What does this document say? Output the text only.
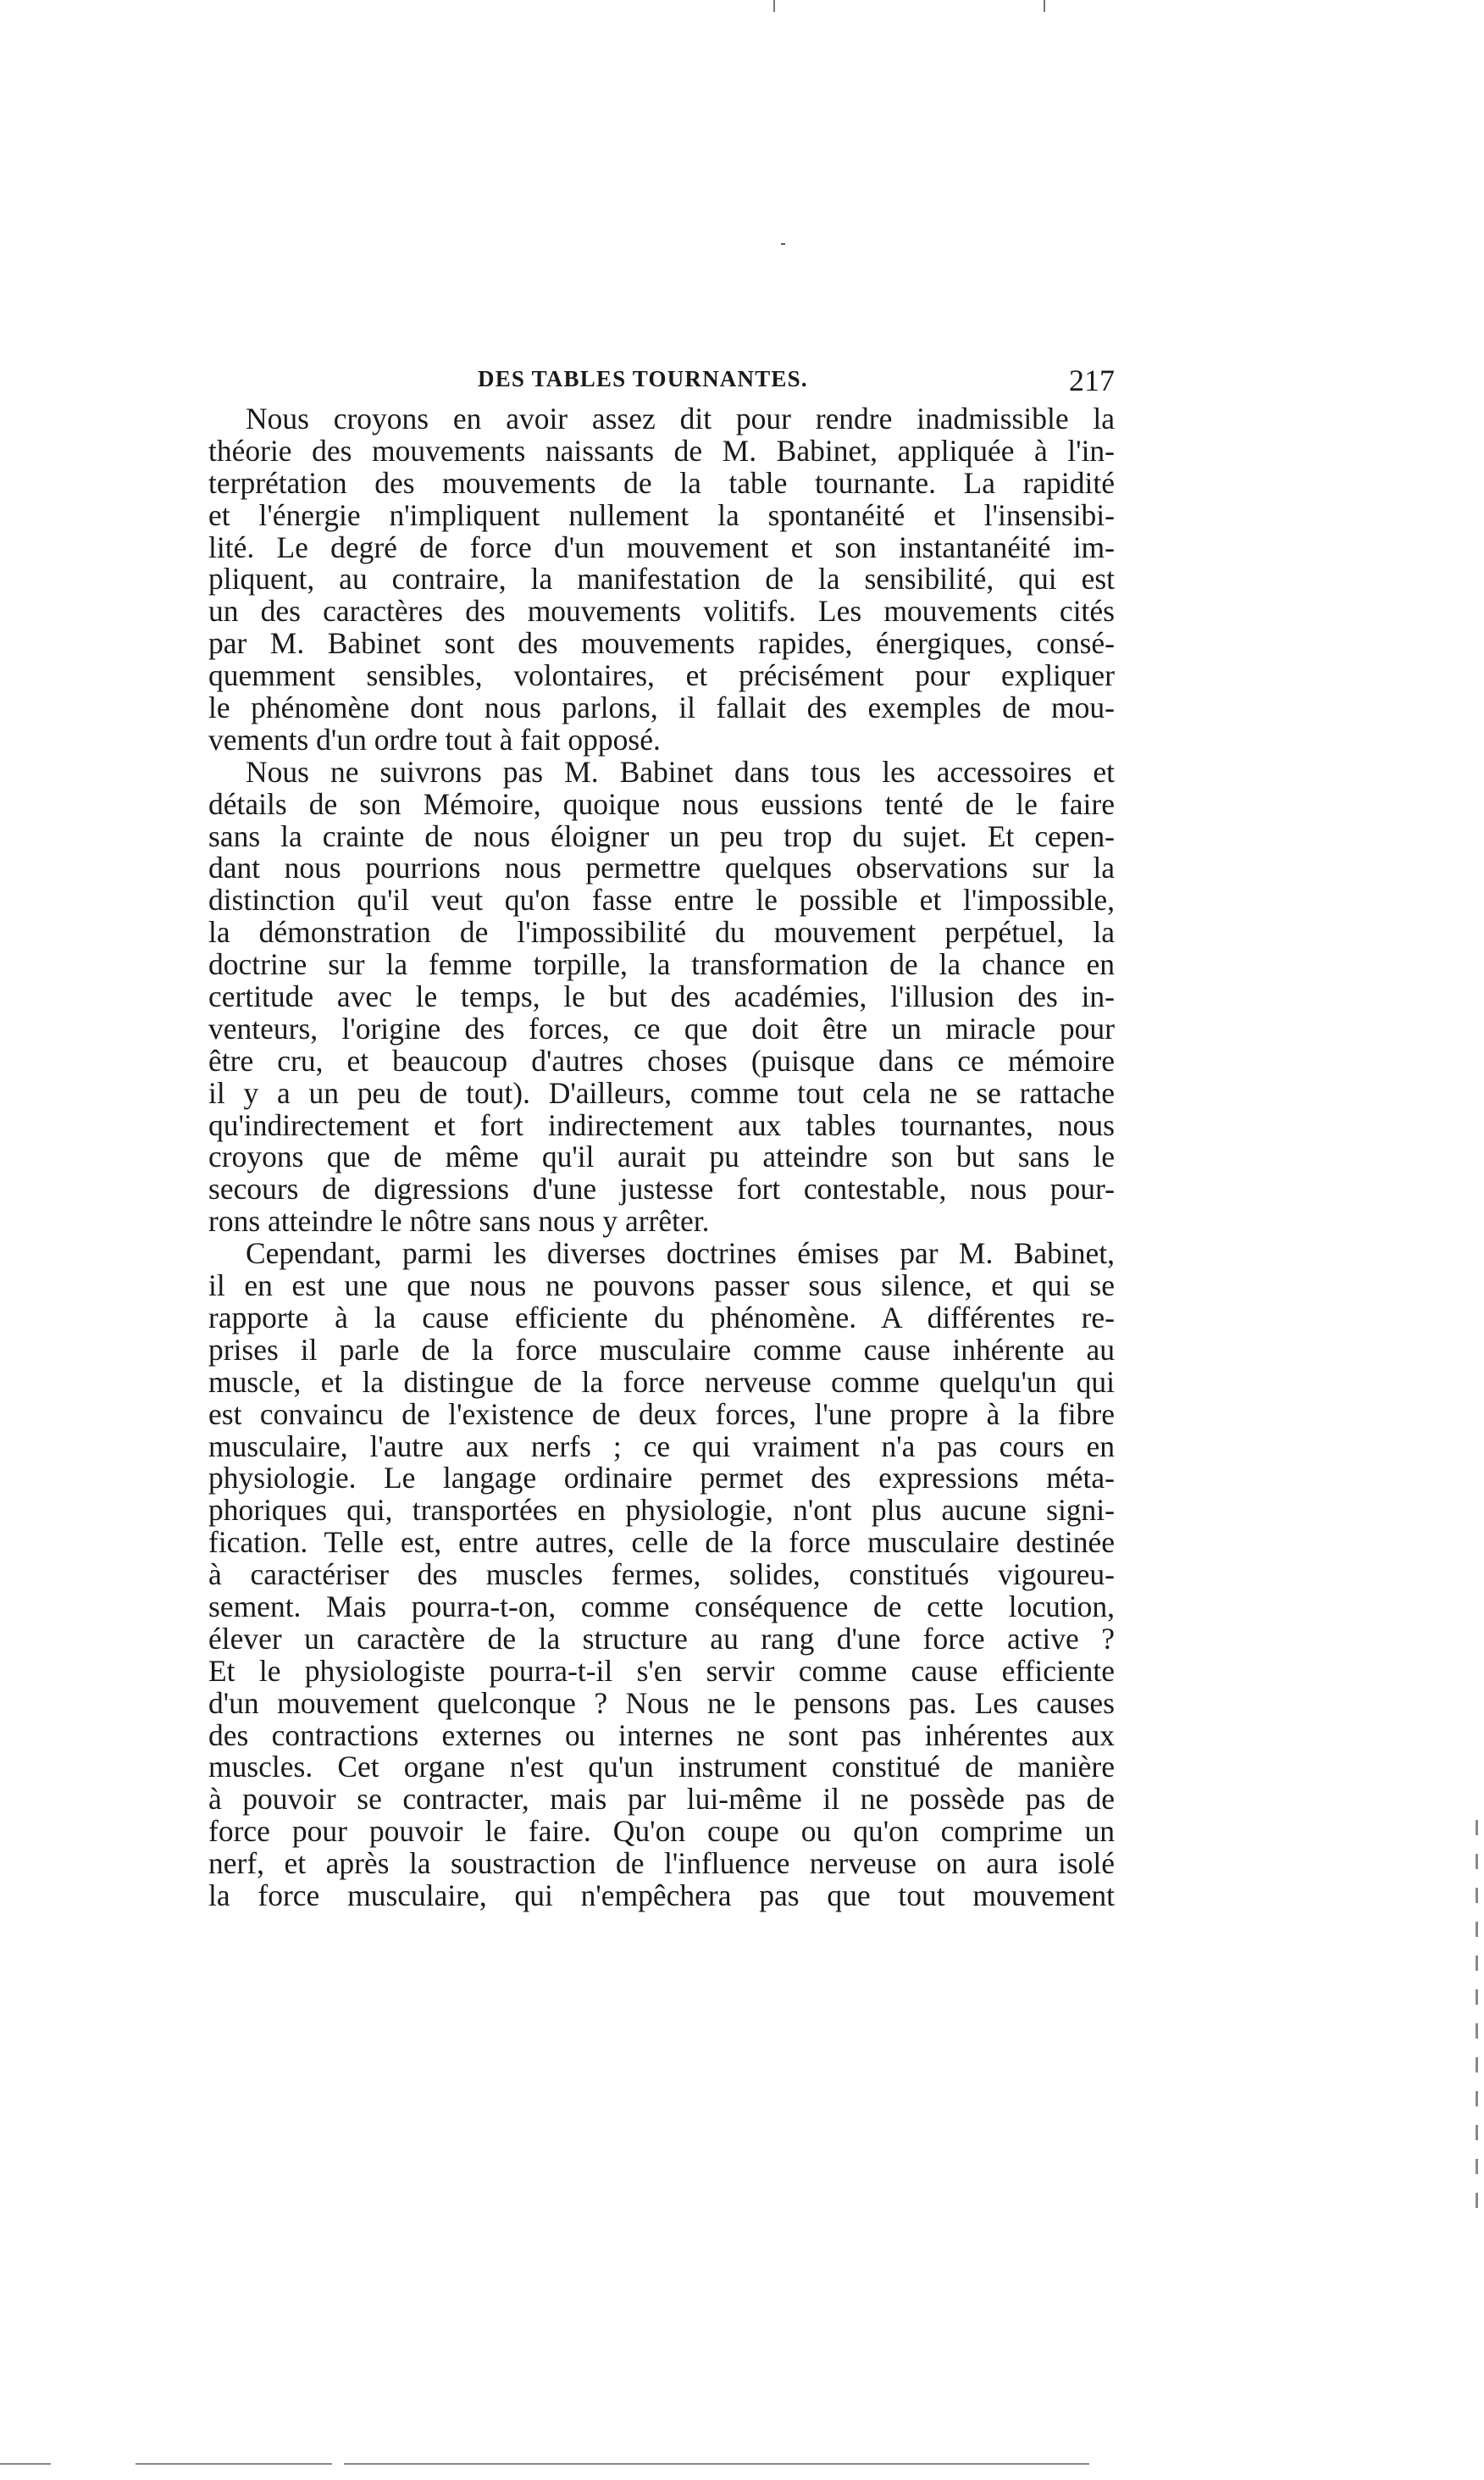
DES TABLES TOURNANTES.	217
Nous croyons en avoir assez dit pour rendre inadmissible la
théorie des mouvements naissants de M. Babinet, appliquée à l'in-
terprétation des mouvements de la table tournante. La rapidité
et l'énergie n'impliquent nullement la spontanéité et l'insensibi-
lité. Le degré de force d'un mouvement et son instantanéité im-
pliquent, au contraire, la manifestation de la sensibilité, qui est
un des caractères des mouvements volitifs. Les mouvements cités
par M. Babinet sont des mouvements rapides, énergiques, consé-
quemment sensibles, volontaires, et précisément pour expliquer
le phénomène dont nous parlons, il fallait des exemples de mou-
vements d'un ordre tout à fait opposé.
Nous ne suivrons pas M. Babinet dans tous les accessoires et
détails de son Mémoire, quoique nous eussions tenté de le faire
sans la crainte de nous éloigner un peu trop du sujet. Et cepen-
dant nous pourrions nous permettre quelques observations sur la
distinction qu'il veut qu'on fasse entre le possible et l'impossible,
la démonstration de l'impossibilité du mouvement perpétuel, la
doctrine sur la femme torpille, la transformation de la chance en
certitude avec le temps, le but des académies, l'illusion des in-
venteurs, l'origine des forces, ce que doit être un miracle pour
être cru, et beaucoup d'autres choses (puisque dans ce mémoire
il y a un peu de tout). D'ailleurs, comme tout cela ne se rattache
qu'indirectement et fort indirectement aux tables tournantes, nous
croyons que de même qu'il aurait pu atteindre son but sans le
secours de digressions d'une justesse fort contestable, nous pour-
rons atteindre le nôtre sans nous y arrêter.
Cependant, parmi les diverses doctrines émises par M. Babinet,
il en est une que nous ne pouvons passer sous silence, et qui se
rapporte à la cause efficiente du phénomène. A différentes re-
prises il parle de la force musculaire comme cause inhérente au
muscle, et la distingue de la force nerveuse comme quelqu'un qui
est convaincu de l'existence de deux forces, l'une propre à la fibre
musculaire, l'autre aux nerfs ; ce qui vraiment n'a pas cours en
physiologie. Le langage ordinaire permet des expressions méta-
phoriques qui, transportées en physiologie, n'ont plus aucune signi-
fication. Telle est, entre autres, celle de la force musculaire destinée
à caractériser des muscles fermes, solides, constitués vigoureu-
sement. Mais pourra-t-on, comme conséquence de cette locution,
élever un caractère de la structure au rang d'une force active ?
Et le physiologiste pourra-t-il s'en servir comme cause efficiente
d'un mouvement quelconque ? Nous ne le pensons pas. Les causes
des contractions externes ou internes ne sont pas inhérentes aux
muscles. Cet organe n'est qu'un instrument constitué de manière
à pouvoir se contracter, mais par lui-même il ne possède pas de
force pour pouvoir le faire. Qu'on coupe ou qu'on comprime un
nerf, et après la soustraction de l'influence nerveuse on aura isolé
la force musculaire, qui n'empêchera pas que tout mouvement
